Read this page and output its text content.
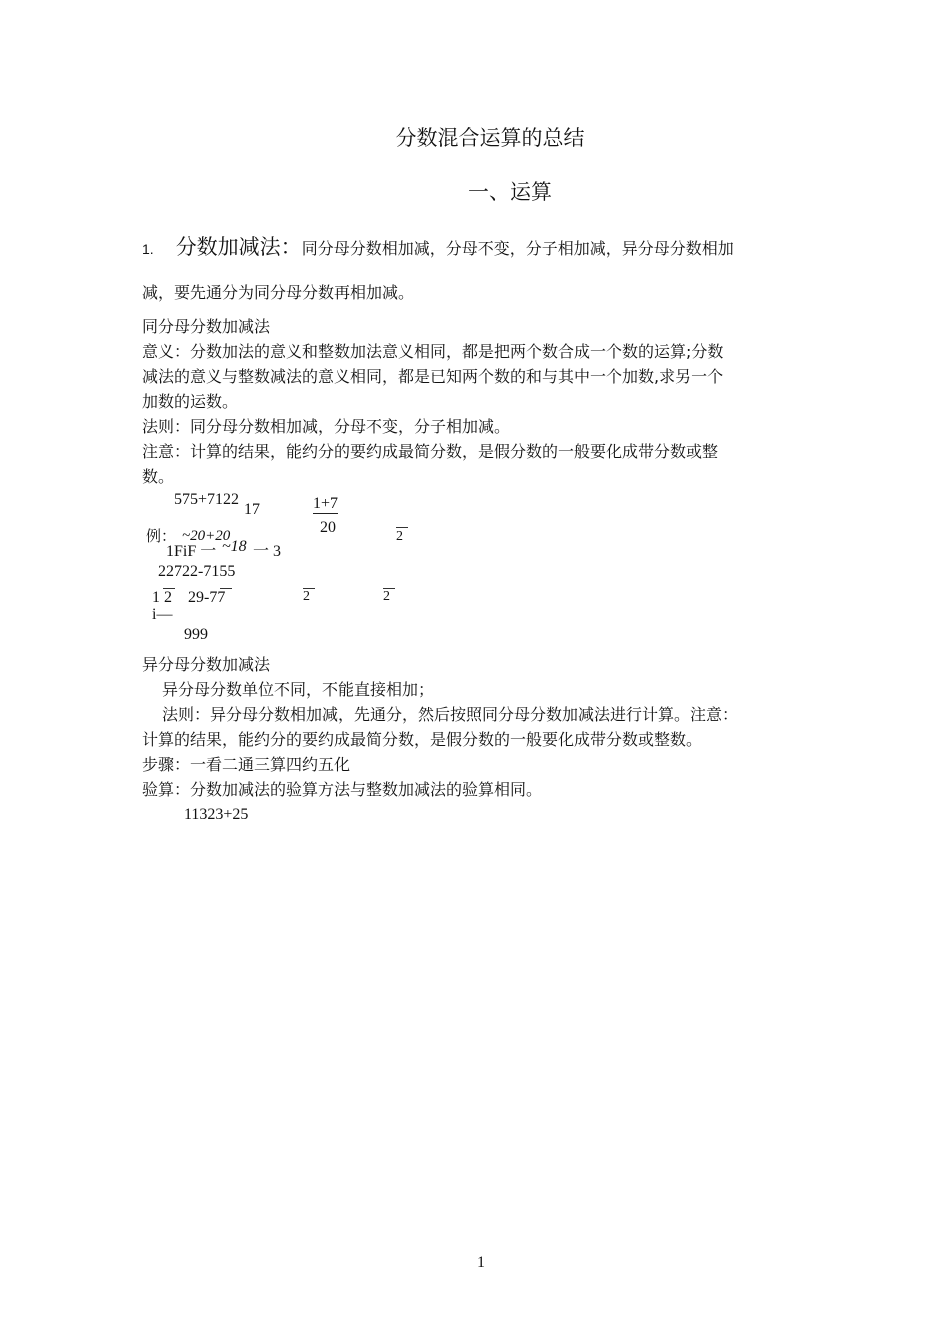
分数混合运算的总结
一、运算
1. 分数加减法：同分母分数相加减，分母不变，分子相加减，异分母分数相加
减，要先通分为同分母分数再相加减。
同分母分数加减法
意义：分数加法的意义和整数加法意义相同，都是把两个数合成一个数的运算;分数
减法的意义与整数减法的意义相同，都是已知两个数的和与其中一个加数,求另一个
加数的运数。
法则：同分母分数相加减，分母不变，分子相加减。
注意：计算的结果，能约分的要约成最简分数，是假分数的一般要化成带分数或整
数。
575+7122
17	1+7
20
例： ~20+20	2
1FiF 一 ~18 一 3
22722-7155
1 2 29-77	2	2
i—
999
异分母分数加减法
异分母分数单位不同，不能直接相加；
法则：异分母分数相加减，先通分，然后按照同分母分数加减法进行计算。注意：
计算的结果，能约分的要约成最简分数，是假分数的一般要化成带分数或整数。
步骤：一看二通三算四约五化
验算：分数加减法的验算方法与整数加减法的验算相同。
11323+25
1
